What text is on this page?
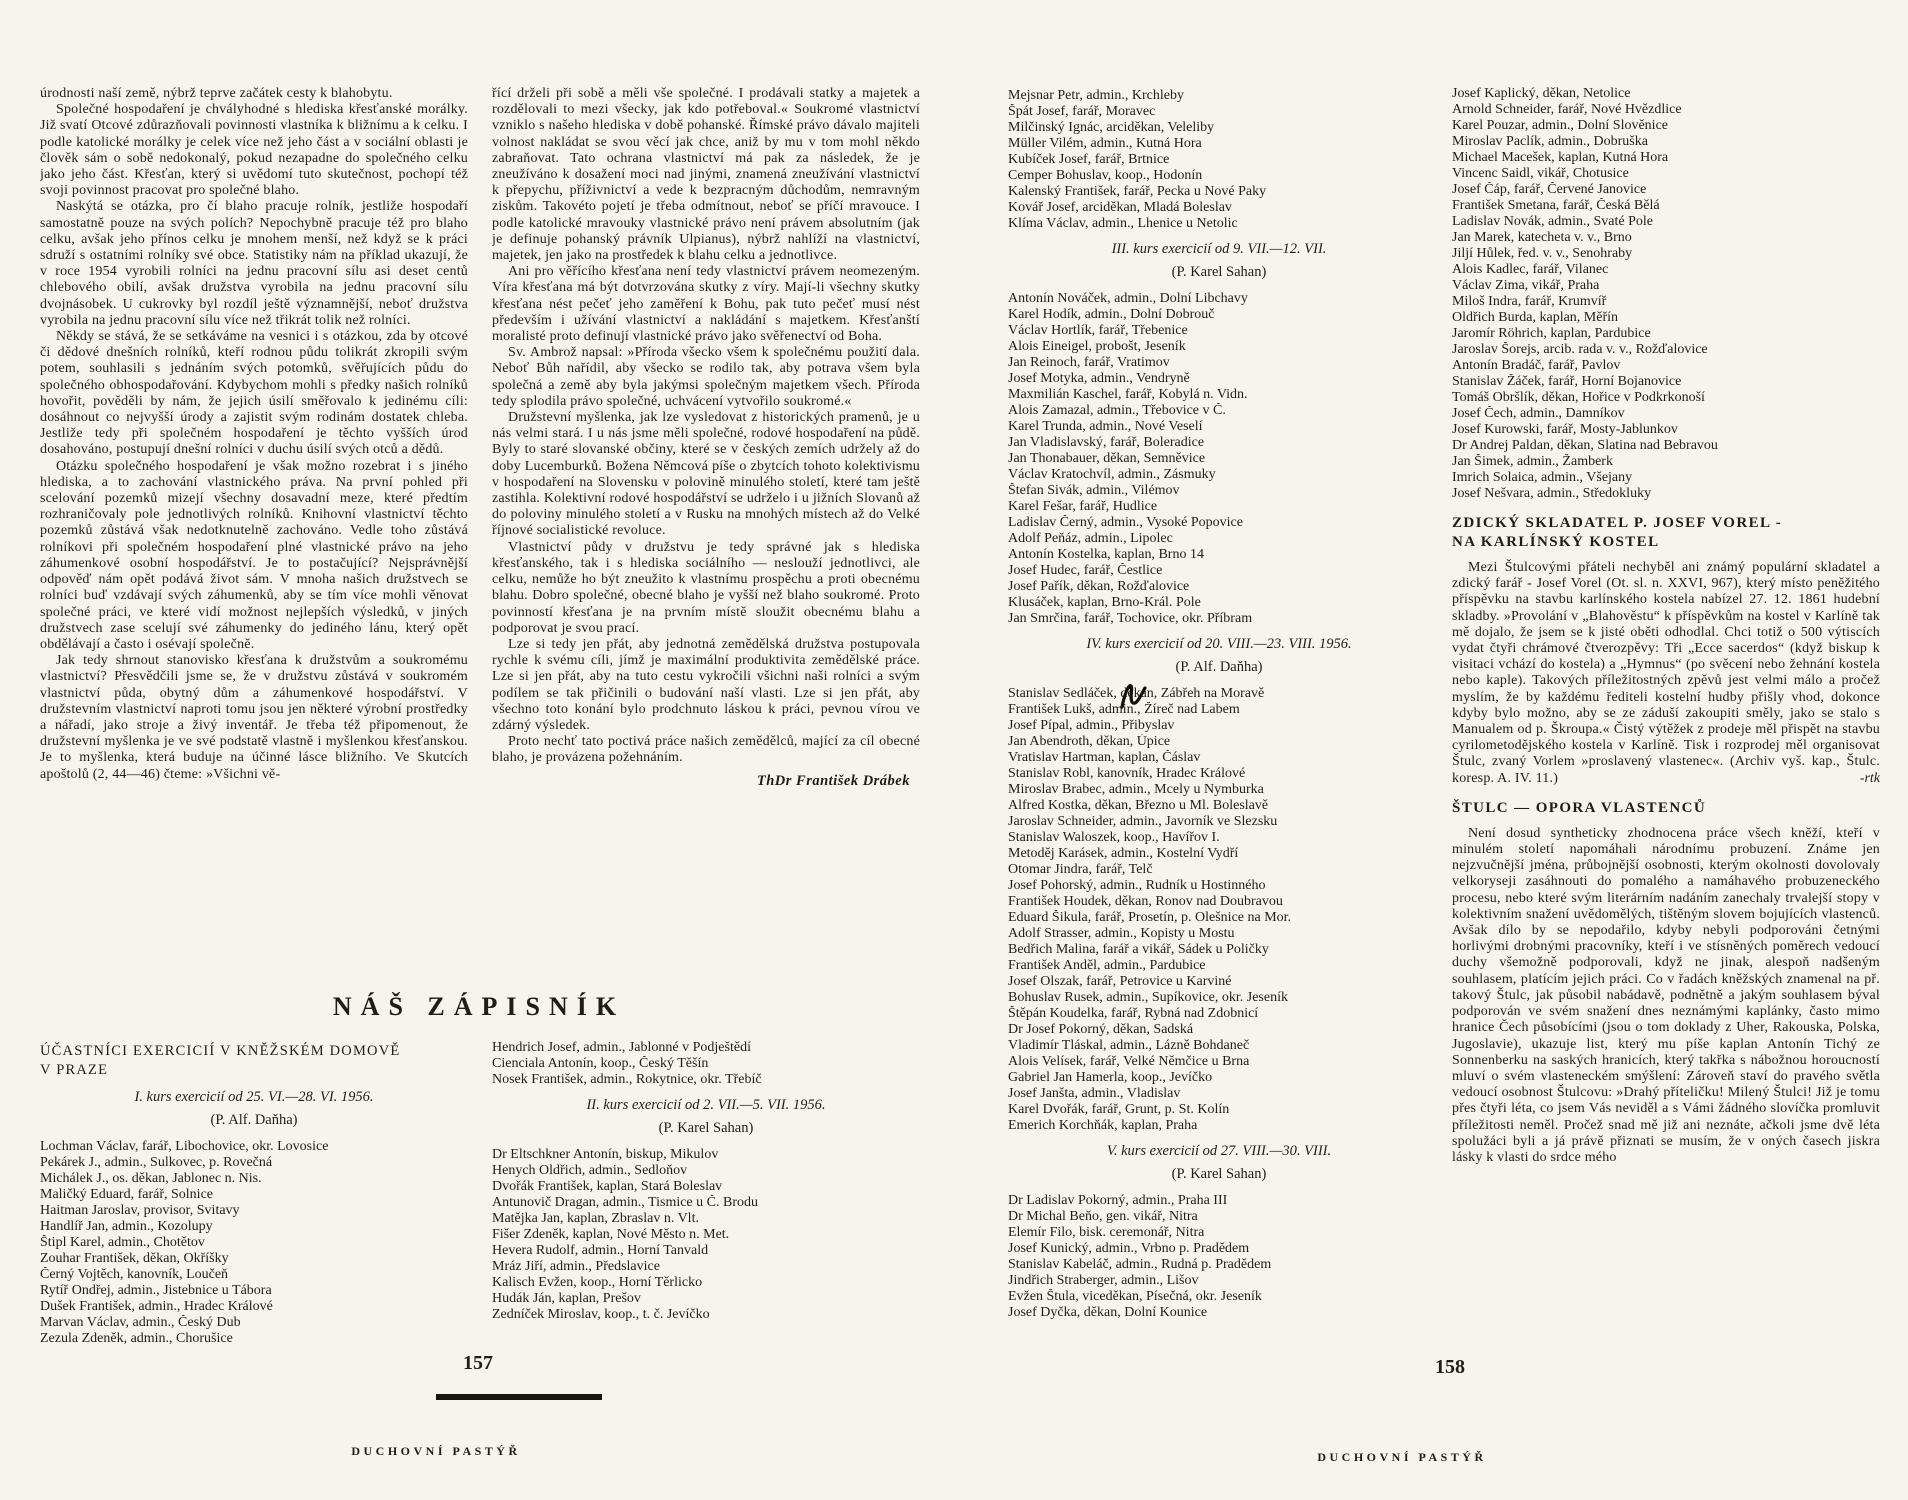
úrodnosti naší země, nýbrž teprve začátek cesty k blahobytu.
Společné hospodaření je chvályhodné s hlediska křesťanské morálky. Již svatí Otcové zdůrazňovali povinnosti vlastníka k bližnímu a k celku. I podle katolické morálky je celek více než jeho část a v sociální oblasti je člověk sám o sobě nedokonalý, pokud nezapadne do společného celku jako jeho část. Křesťan, který si uvědomí tuto skutečnost, pochopí též svoji povinnost pracovat pro společné blaho.
Naskýtá se otázka, pro čí blaho pracuje rolník, jestliže hospodaří samostatně pouze na svých polích? Nepochybně pracuje též pro blaho celku, avšak jeho přínos celku je mnohem menší, než když se k práci sdruží s ostatními rolníky své obce. Statistiky nám na příklad ukazují, že v roce 1954 vyrobili rolníci na jednu pracovní sílu asi deset centů chlebového obilí, avšak družstva vyrobila na jednu pracovní sílu dvojnásobek. U cukrovky byl rozdíl ještě významnější, neboť družstva vyrobila na jednu pracovní sílu více než třikrát tolik než rolníci.
Někdy se stává, že se setkáváme na vesnici i s otázkou, zda by otcové či dědové dnešních rolníků, kteří rodnou půdu tolikrát zkropili svým potem, souhlasili s jednáním svých potomků, svěřujících půdu do společného obhospodařování. Kdybychom mohli s předky našich rolníků hovořit, pověděli by nám, že jejich úsilí směřovalo k jedinému cíli: dosáhnout co nejvyšší úrody a zajistit svým rodinám dostatek chleba. Jestliže tedy při společném hospodaření je těchto vyšších úrod dosahováno, postupují dnešní rolníci v duchu úsilí svých otců a dědů.
Otázku společného hospodaření je však možno rozebrat i s jiného hlediska, a to zachování vlastnického práva. Na první pohled při scelování pozemků mizejí všechny dosavadní meze, které předtím rozhraničovaly pole jednotlivých rolníků. Knihovní vlastnictví těchto pozemků zůstává však nedotknutelně zachováno. Vedle toho zůstává rolníkovi při společném hospodaření plné vlastnické právo na jeho záhumenkové osobní hospodářství. Je to postačující? Nejsprávnější odpověď nám opět podává život sám. V mnoha našich družstvech se rolníci buď vzdávají svých záhumenků, aby se tím více mohli věnovat společné práci, ve které vidí možnost nejlepších výsledků, v jiných družstvech zase scelují své záhumenky do jediného lánu, který opět obdělávají a často i osévají společně.
Jak tedy shrnout stanovisko křesťana k družstvům a soukromému vlastnictví? Přesvědčili jsme se, že v družstvu zůstává v soukromém vlastnictví půda, obytný dům a záhumenkové hospodářství. V družstevním vlastnictví naproti tomu jsou jen některé výrobní prostředky a nářadí, jako stroje a živý inventář. Je třeba též připomenout, že družstevní myšlenka je ve své podstatě vlastně i myšlenkou křesťanskou. Je to myšlenka, která buduje na účinné lásce bližního. Ve Skutcích apoštolů (2, 44—46) čteme: »Všichni vě-
řící drželi při sobě a měli vše společné. I prodávali statky a majetek a rozdělovali to mezi všecky, jak kdo potřeboval.« Soukromé vlastnictví vzniklo s našeho hlediska v době pohanské. Římské právo dávalo majiteli volnost nakládat se svou věcí jak chce, aniž by mu v tom mohl někdo zabraňovat. Tato ochrana vlastnictví má pak za následek, že je zneužíváno k dosažení moci nad jinými, znamená zneužívání vlastnictví k přepychu, příživnictví a vede k bezpracným důchodům, nemravným ziskům. Takovéto pojetí je třeba odmítnout, neboť se příčí mravouce. I podle katolické mravouky vlastnické právo není právem absolutním (jak je definuje pohanský právník Ulpianus), nýbrž nahlíží na vlastnictví, majetek, jen jako na prostředek k blahu celku a jednotlivce.
Ani pro věřícího křesťana není tedy vlastnictví právem neomezeným. Víra křesťana má být dotvrzována skutky z víry. Mají-li všechny skutky křesťana nést pečeť jeho zaměření k Bohu, pak tuto pečeť musí nést především i užívání vlastnictví a nakládání s majetkem. Křesťanští moralisté proto definují vlastnické právo jako svěřenectví od Boha.
Sv. Ambrož napsal: »Příroda všecko všem k společnému použití dala. Neboť Bůh nařídil, aby všecko se rodilo tak, aby potrava všem byla společná a země aby byla jakýmsi společným majetkem všech. Příroda tedy splodila právo společné, uchvácení vytvořilo soukromé.«
Družstevní myšlenka, jak lze vysledovat z historických pramenů, je u nás velmi stará. I u nás jsme měli společné, rodové hospodaření na půdě. Byly to staré slovanské občiny, které se v českých zemích udržely až do doby Lucemburků. Božena Němcová píše o zbytcích tohoto kolektivismu v hospodaření na Slovensku v polovině minulého století, které tam ještě zastihla. Kolektivní rodové hospodářství se udrželo i u jižních Slovanů až do poloviny minulého století a v Rusku na mnohých místech až do Velké říjnové socialistické revoluce.
Vlastnictví půdy v družstvu je tedy správné jak s hlediska křesťanského, tak i s hlediska sociálního — neslouží jednotlivci, ale celku, nemůže ho být zneužito k vlastnímu prospěchu a proti obecnému blahu. Dobro společné, obecné blaho je vyšší než blaho soukromé. Proto povinností křesťana je na prvním místě sloužit obecnému blahu a podporovat je svou prací.
Lze si tedy jen přát, aby jednotná zemědělská družstva postupovala rychle k svému cíli, jímž je maximální produktivita zemědělské práce. Lze si jen přát, aby na tuto cestu vykročili všichni naši rolníci a svým podílem se tak přičinili o budování naší vlasti. Lze si jen přát, aby všechno toto konání bylo prodchnuto láskou k práci, pevnou vírou ve zdárný výsledek.
Proto nechť tato poctivá práce našich zemědělců, mající za cíl obecné blaho, je provázena požehnáním.
ThDr František Drábek
NÁŠ ZÁPISNÍK
ÚČASTNÍCI EXERCICIÍ V KNĚŽSKÉM DOMOVĚ
V PRAZE
I. kurs exercicií od 25. VI.—28. VI. 1956.
(P. Alf. Daňha)
Lochman Václav, farář, Libochovice, okr. Lovosice
Pekárek J., admin., Sulkovec, p. Rovečná
Michálek J., os. děkan, Jablonec n. Nis.
Maličký Eduard, farář, Solnice
Haitman Jaroslav, provisor, Svitavy
Handlíř Jan, admin., Kozolupy
Štipl Karel, admin., Chotětov
Zouhar František, děkan, Okříšky
Černý Vojtěch, kanovník, Loučeň
Rytíř Ondřej, admin., Jistebnice u Tábora
Dušek František, admin., Hradec Králové
Marvan Václav, admin., Český Dub
Zezula Zdeněk, admin., Chorušice
Hendrich Josef, admin., Jablonné v Podještědí
Cienciala Antonín, koop., Český Těšín
Nosek František, admin., Rokytnice, okr. Třebíč
II. kurs exercicií od 2. VII.—5. VII. 1956.
(P. Karel Sahan)
Dr Eltschkner Antonín, biskup, Mikulov
Henych Oldřich, admin., Sedloňov
Dvořák František, kaplan, Stará Boleslav
Antunovič Dragan, admin., Tismice u Č. Brodu
Matějka Jan, kaplan, Zbraslav n. Vlt.
Fišer Zdeněk, kaplan, Nové Město n. Met.
Hevera Rudolf, admin., Horní Tanvald
Mráz Jiří, admin., Předslavice
Kalisch Evžen, koop., Horní Těrlicko
Hudák Ján, kaplan, Prešov
Zedníček Miroslav, koop., t. č. Jevíčko
Mejsnar Petr, admin., Krchleby
Špát Josef, farář, Moravec
Milčinský Ignác, arciděkan, Veleliby
Müller Vilém, admin., Kutná Hora
Kubíček Josef, farář, Brtnice
Cemper Bohuslav, koop., Hodonín
Kalenský František, farář, Pecka u Nové Paky
Kovář Josef, arciděkan, Mladá Boleslav
Klíma Václav, admin., Lhenice u Netolic
III. kurs exercicií od 9. VII.—12. VII.
(P. Karel Sahan)
Antonín Nováček, admin., Dolní Libchavy
Karel Hodík, admin., Dolní Dobrouč
Václav Hortlík, farář, Třebenice
Alois Eineigel, probošt, Jeseník
Jan Reinoch, farář, Vratimov
Josef Motyka, admin., Vendryně
Maxmilián Kaschel, farář, Kobylá n. Vidn.
Alois Zamazal, admin., Třebovice v Č.
Karel Trunda, admin., Nové Veselí
Jan Vladislavský, farář, Boleradice
Jan Thonabauer, děkan, Semněvice
Václav Kratochvíl, admin., Zásmuky
Štefan Sivák, admin., Vilémov
Karel Fešar, farář, Hudlice
Ladislav Černý, admin., Vysoké Popovice
Adolf Peňáz, admin., Lipolec
Antonín Kostelka, kaplan, Brno 14
Josef Hudec, farář, Čestlice
Josef Pařík, děkan, Rožďalovice
Klusáček, kaplan, Brno-Král. Pole
Jan Smrčina, farář, Tochovice, okr. Příbram
IV. kurs exercicií od 20. VIII.—23. VIII. 1956.
(P. Alf. Daňha)
Stanislav Sedláček, děkan, Zábřeh na Moravě
František Lukš, admin., Žíreč nad Labem
Josef Pípal, admin., Přibyslav
Jan Abendroth, děkan, Úpice
Vratislav Hartman, kaplan, Čáslav
Stanislav Robl, kanovník, Hradec Králové
Miroslav Brabec, admin., Mcely u Nymburka
Alfred Kostka, děkan, Březno u Ml. Boleslavě
Jaroslav Schneider, admin., Javorník ve Slezsku
Stanislav Waloszek, koop., Havířov I.
Metoděj Karásek, admin., Kostelní Vydří
Otomar Jindra, farář, Telč
Josef Pohorský, admin., Rudník u Hostinného
František Houdek, děkan, Ronov nad Doubravou
Eduard Šikula, farář, Prosetín, p. Olešnice na Mor.
Adolf Strasser, admin., Kopisty u Mostu
Bedřich Malina, farář a vikář, Sádek u Poličky
František Anděl, admin., Pardubice
Josef Olszak, farář, Petrovice u Karviné
Bohuslav Rusek, admin., Supíkovice, okr. Jeseník
Štěpán Koudelka, farář, Rybná nad Zdobnicí
Dr Josef Pokorný, děkan, Sadská
Vladimír Tláskal, admin., Lázně Bohdaneč
Alois Velísek, farář, Velké Němčice u Brna
Gabriel Jan Hamerla, koop., Jevíčko
Josef Janšta, admin., Vladislav
Karel Dvořák, farář, Grunt, p. St. Kolín
Emerich Korchňák, kaplan, Praha
V. kurs exercicií od 27. VIII.—30. VIII.
(P. Karel Sahan)
Dr Ladislav Pokorný, admin., Praha III
Dr Michal Beňo, gen. vikář, Nitra
Elemír Filo, bisk. ceremonář, Nitra
Josef Kunický, admin., Vrbno p. Pradědem
Stanislav Kabeláč, admin., Rudná p. Pradědem
Jindřich Straberger, admin., Lišov
Evžen Štula, viceděkan, Písečná, okr. Jeseník
Josef Dyčka, děkan, Dolní Kounice
Josef Kaplický, děkan, Netolice
Arnold Schneider, farář, Nové Hvězdlice
Karel Pouzar, admin., Dolní Slověnice
Miroslav Paclík, admin., Dobruška
Michael Macešek, kaplan, Kutná Hora
Vincenc Saidl, vikář, Chotusice
Josef Čáp, farář, Červené Janovice
František Smetana, farář, Česká Bělá
Ladislav Novák, admin., Svaté Pole
Jan Marek, katecheta v. v., Brno
Jiljí Hůlek, řed. v. v., Senohraby
Alois Kadlec, farář, Vilanec
Václav Zima, vikář, Praha
Miloš Indra, farář, Krumvíř
Oldřich Burda, kaplan, Měřín
Jaromír Röhrich, kaplan, Pardubice
Jaroslav Šorejs, arcib. rada v. v., Rožďalovice
Antonín Bradáč, farář, Pavlov
Stanislav Žáček, farář, Horní Bojanovice
Tomáš Obršlík, děkan, Hořice v Podkrkonoší
Josef Čech, admin., Damníkov
Josef Kurowski, farář, Mosty-Jablunkov
Dr Andrej Paldan, děkan, Slatina nad Bebravou
Jan Šimek, admin., Žamberk
Imrich Solaica, admin., Všejany
Josef Nešvara, admin., Středokluky
ZDICKÝ SKLADATEL P. JOSEF VOREL -
NA KARLÍNSKÝ KOSTEL
Mezi Štulcovými přáteli nechyběl ani známý populární skladatel a zdický farář - Josef Vorel (Ot. sl. n. XXVI, 967), který místo peněžitého příspěvku na stavbu karlínského kostela nabízel 27. 12. 1861 hudební skladby. »Provolání v „Blahověstu“ k příspěvkům na kostel v Karlíně tak mě dojalo, že jsem se k jisté oběti odhodlal. Chci totiž o 500 výtiscích vydat čtyři chrámové čtverozpěvy: Tři „Ecce sacerdos“ (když biskup k visitaci vchází do kostela) a „Hymnus“ (po svěcení nebo žehnání kostela nebo kaple). Takových příležitostných zpěvů jest velmi málo a pročež myslím, že by každému řediteli kostelní hudby přišly vhod, dokonce kdyby bylo možno, aby se ze záduší zakoupiti směly, jako se stalo s Manualem od p. Škroupa.« Čistý výtěžek z prodeje měl přispět na stavbu cyrilometodějského kostela v Karlíně. Tisk i rozprodej měl organisovat Štulc, zvaný Vorlem »proslavený vlastenec«. (Archiv vyš. kap., Štulc. koresp. A. IV. 11.)	-rtk
ŠTULC — OPORA VLASTENCŮ
Není dosud syntheticky zhodnocena práce všech kněží, kteří v minulém století napomáhali národnímu probuzení. Známe jen nejzvučnější jména, průbojnější osobnosti, kterým okolnosti dovolovaly velkoryseji zasáhnouti do pomalého a namáhavého probuzeneckého procesu, nebo které svým literárním nadáním zanechaly trvalejší stopy v kolektivním snažení uvědomělých, tištěným slovem bojujících vlastenců. Avšak dílo by se nepodařilo, kdyby nebyli podporováni četnými horlivými drobnými pracovníky, kteří i ve stísněných poměrech vedoucí duchy všemožně podporovali, když ne jinak, alespoň nadšeným souhlasem, platícím jejich práci. Co v řadách kněžských znamenal na př. takový Štulc, jak působil nabádavě, podnětně a jakým souhlasem býval podporován ve svém snažení dnes neznámými kaplánky, často mimo hranice Čech působícími (jsou o tom doklady z Uher, Rakouska, Polska, Jugoslavie), ukazuje list, který mu píše kaplan Antonín Tichý ze Sonnenberku na saských hranicích, který takřka s nábožnou horoucností mluví o svém vlasteneckém smýšlení: Zároveň staví do pravého světla vedoucí osobnost Štulcovu: »Drahý příteličku! Milený Štulci! Již je tomu přes čtyři léta, co jsem Vás neviděl a s Vámi žádného slovíčka promluvit příležitosti neměl. Pročež snad mě již ani neznáte, ačkoli jsme dvě léta spolužáci byli a já právě přiznati se musím, že v oných časech jiskra lásky k vlasti do srdce mého
157	158
DUCHOVNÍ PASTÝŘ	DUCHOVNÍ PASTÝŘ
